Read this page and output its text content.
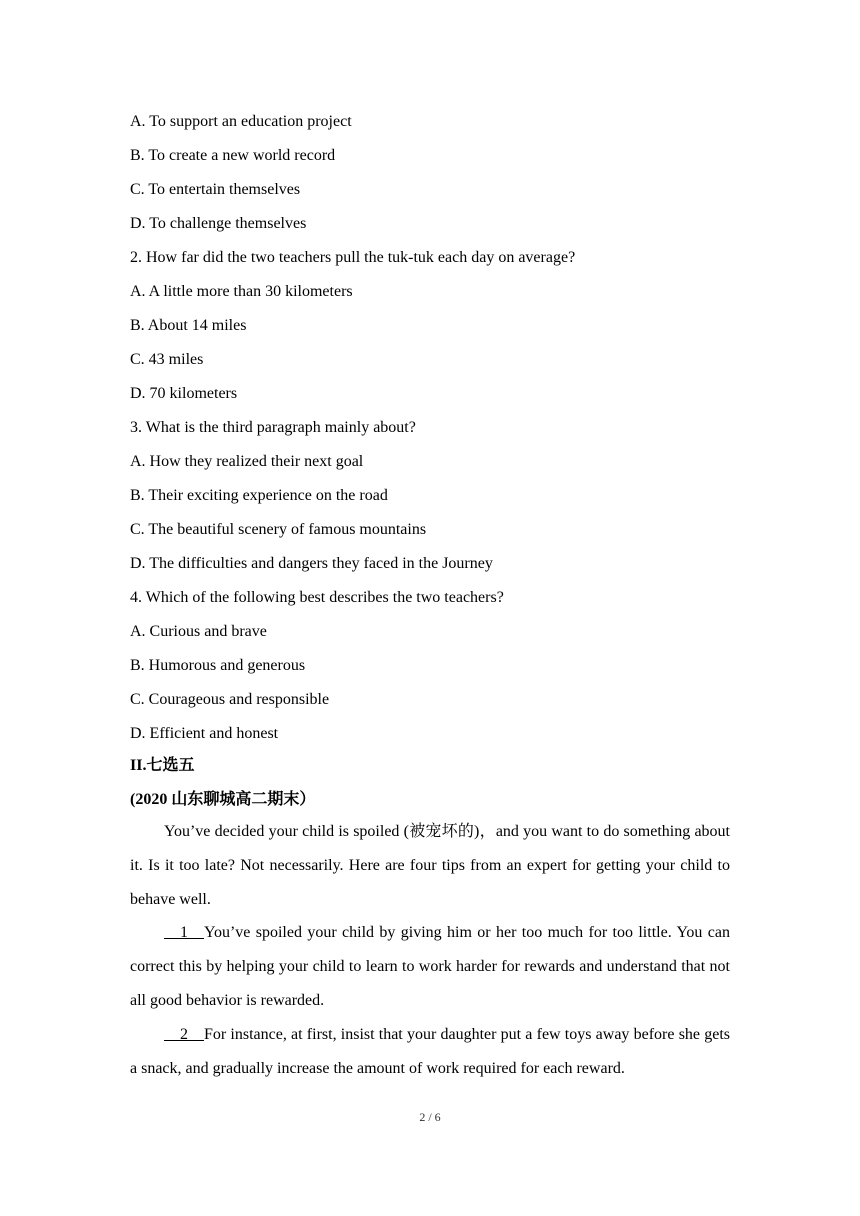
A. To support an education project
B. To create a new world record
C. To entertain themselves
D. To challenge themselves
2. How far did the two teachers pull the tuk-tuk each day on average?
A. A little more than 30 kilometers
B. About 14 miles
C. 43 miles
D. 70 kilometers
3. What is the third paragraph mainly about?
A. How they realized their next goal
B. Their exciting experience on the road
C. The beautiful scenery of famous mountains
D. The difficulties and dangers they faced in the Journey
4. Which of the following best describes the two teachers?
A. Curious and brave
B. Humorous and generous
C. Courageous and responsible
D. Efficient and honest
II.七选五
(2020 山东聊城高二期末）
You’ve decided your child is spoiled (被宠坏的)，and you want to do something about it. Is it too late? Not necessarily. Here are four tips from an expert for getting your child to behave well.
1    You’ve spoiled your child by giving him or her too much for too little. You can correct this by helping your child to learn to work harder for rewards and understand that not all good behavior is rewarded.
2    For instance, at first, insist that your daughter put a few toys away before she gets a snack, and gradually increase the amount of work required for each reward.
2 / 6
